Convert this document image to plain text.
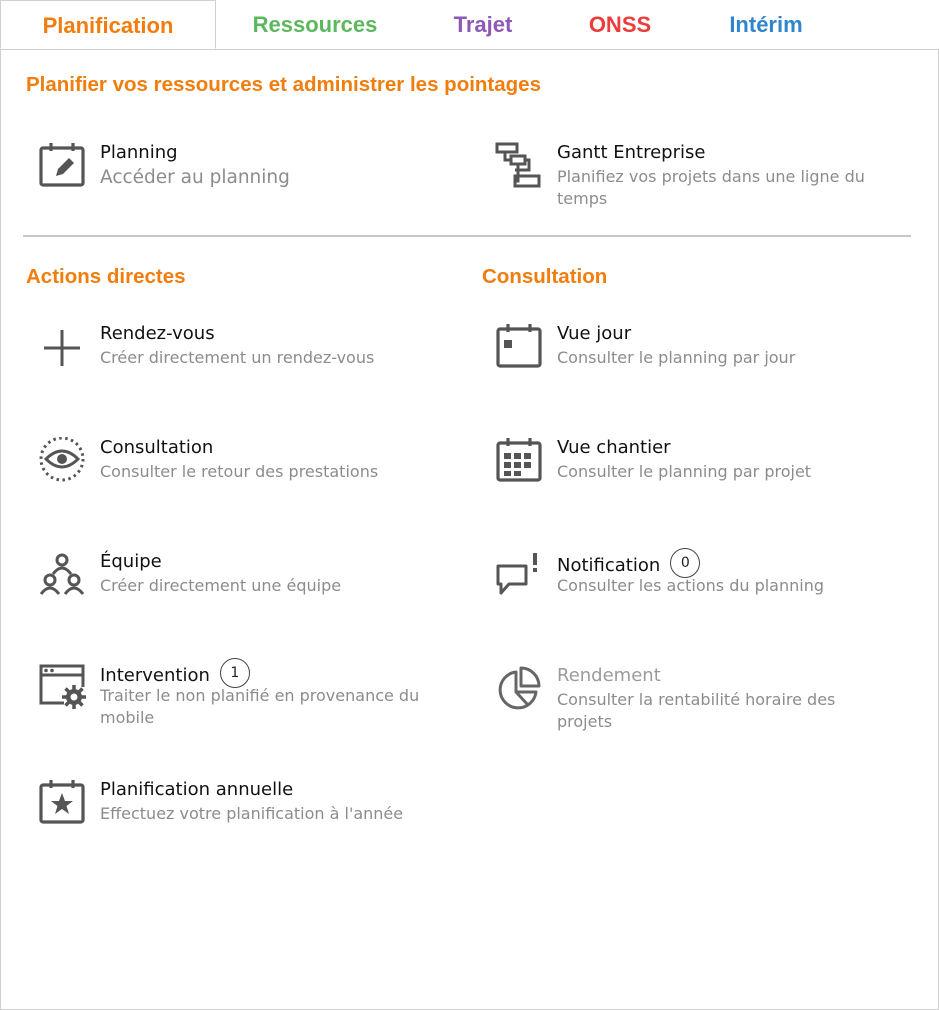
Planification	Ressources	Trajet	ONSS	Intérim
Planifier vos ressources et administrer les pointages
Planning
Accéder au planning
Gantt Entreprise
Planifiez vos projets dans une ligne du temps
Actions directes
Rendez-vous
Créer directement un rendez-vous
Consultation
Consulter le retour des prestations
Équipe
Créer directement une équipe
Intervention 1
Traiter le non planifié en provenance du mobile
Planification annuelle
Effectuez votre planification à l'année
Consultation
Vue jour
Consulter le planning par jour
Vue chantier
Consulter le planning par projet
Notification 0
Consulter les actions du planning
Rendement
Consulter la rentabilité horaire des projets
